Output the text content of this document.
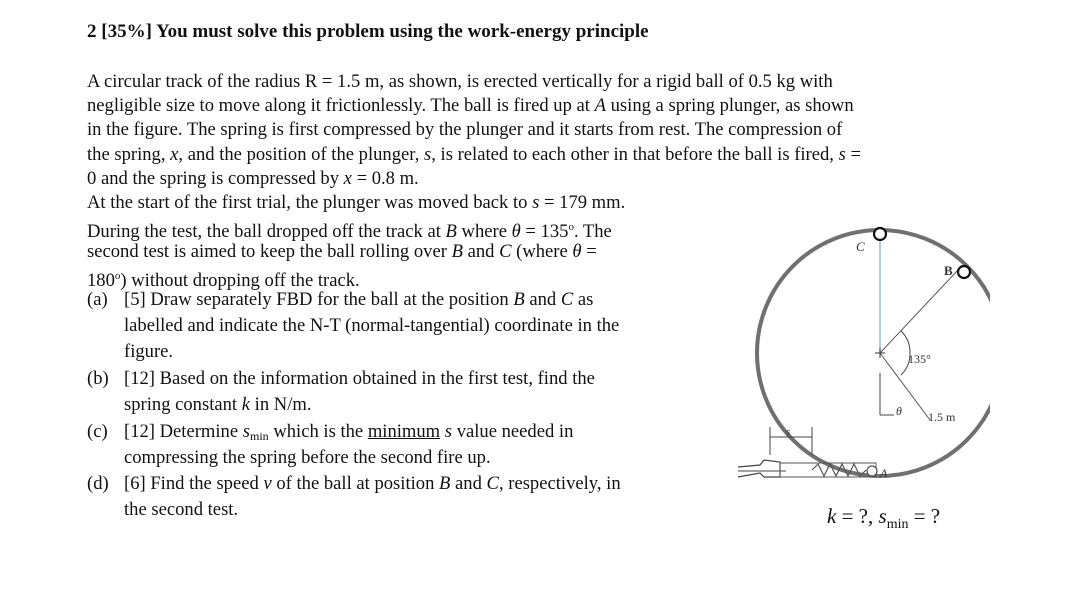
2 [35%] You must solve this problem using the work-energy principle
A circular track of the radius R = 1.5 m, as shown, is erected vertically for a rigid ball of 0.5 kg with
negligible size to move along it frictionlessly. The ball is fired up at A using a spring plunger, as shown
in the figure. The spring is first compressed by the plunger and it starts from rest. The compression of
the spring, x, and the position of the plunger, s, is related to each other in that before the ball is fired, s =
0 and the spring is compressed by x = 0.8 m.
At the start of the first trial, the plunger was moved back to s = 179 mm.
During the test, the ball dropped off the track at B where $\theta = 135^o$. The
second test is aimed to keep the ball rolling over B and C (where θ =
$180^o$) without dropping off the track.
(a) [5] Draw separately FBD for the ball at the position B and C as
labelled and indicate the N-T (normal-tangential) coordinate in the
figure.
(b) [12] Based on the information obtained in the first test, find the
spring constant k in N/m.
(c) [12] Determine $s_{min}$ which is the minimum s value needed in
compressing the spring before the second fire up.
(d) [6] Find the speed v of the ball at position B and C, respectively, in
the second test.
C
B
135°
θ 1.5 m
s
A
k = ?, $s_{min}$ = ?
